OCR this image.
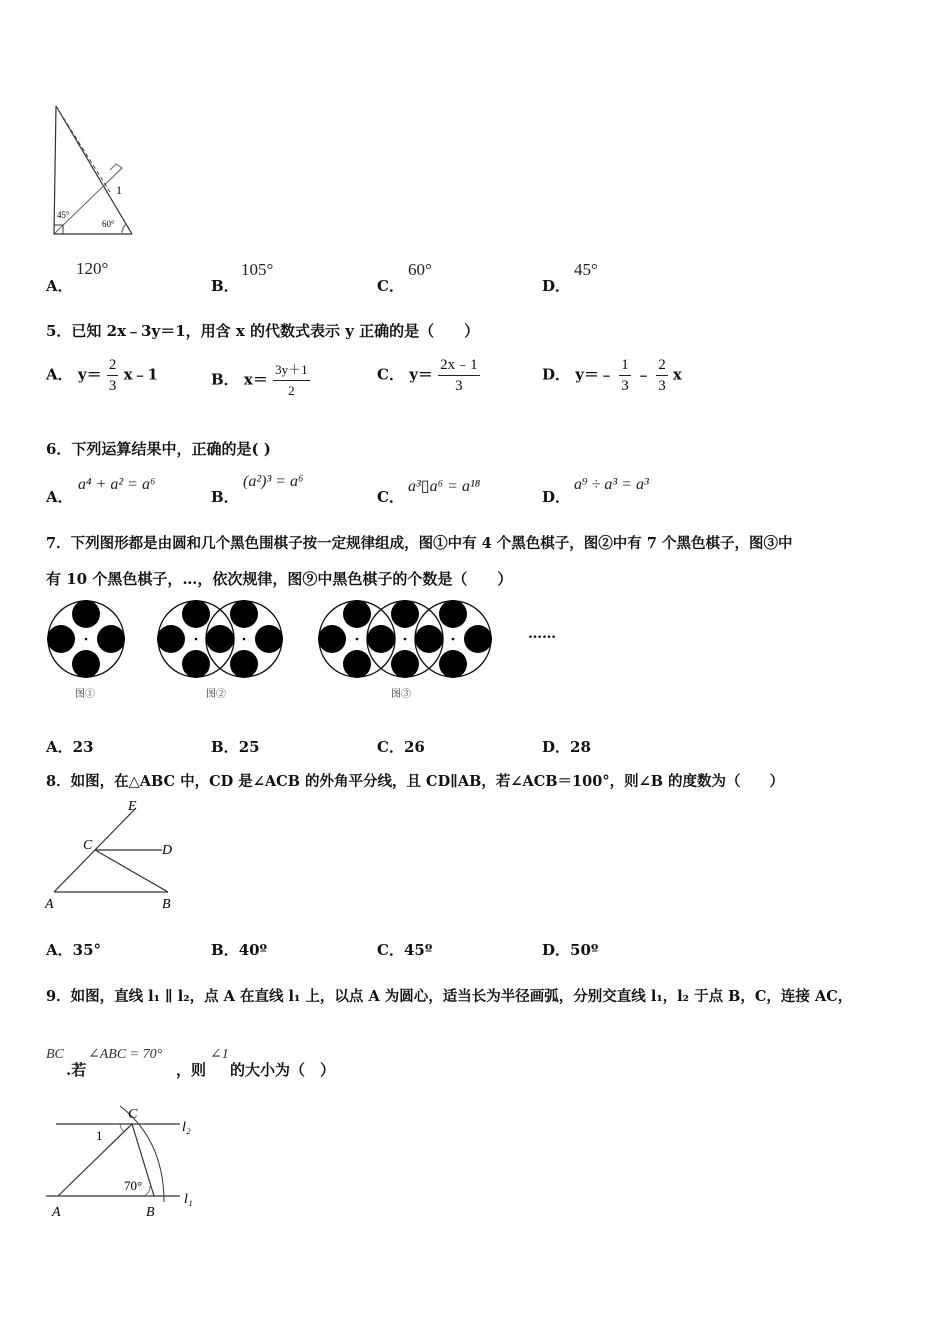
1
45°
60°
A．
120°
B．
105°
C．
60°
D．
45°
5．已知 2x﹣3y＝1，用含 x 的代数式表示 y 正确的是（　　）
A． $y= \frac{2}{3}$ x﹣1	B． $x= \frac{3y+1}{2}$	C． $y= \frac{2x﹣1}{3}$	D． y＝﹣ $\frac{1}{3}$ ﹣ $\frac{2}{3}$ x
6．下列运算结果中，正确的是( )
A．
a⁴ + a² = a⁶
B．
(a²)³ = a⁶
C．
a³▯a⁶ = a¹⁸
D．
a⁹ ÷ a³ = a³
7．下列图形都是由圆和几个黑色围棋子按一定规律组成，图①中有 4 个黑色棋子，图②中有 7 个黑色棋子，图③中
有 10 个黑色棋子，…，依次规律，图⑨中黑色棋子的个数是（　　）
图①	图②	图③
……
A．23	B．25	C．26	D．28
8．如图，在△ABC 中，CD 是∠ACB 的外角平分线，且 CD∥AB，若∠ACB＝100°，则∠B 的度数为（　　）
E
C	D
A	B
A．35°	B．40º	C．45º	D．50º
9．如图，直线 l₁ ∥ l₂，点 A 在直线 l₁ 上，以点 A 为圆心，适当长为半径画弧，分别交直线 l₁，l₂ 于点 B，C，连接 AC，
BC
.若
∠ABC = 70°
，则
∠1
的大小为（　）
C
l₂
1
70°
l₁
A	B
